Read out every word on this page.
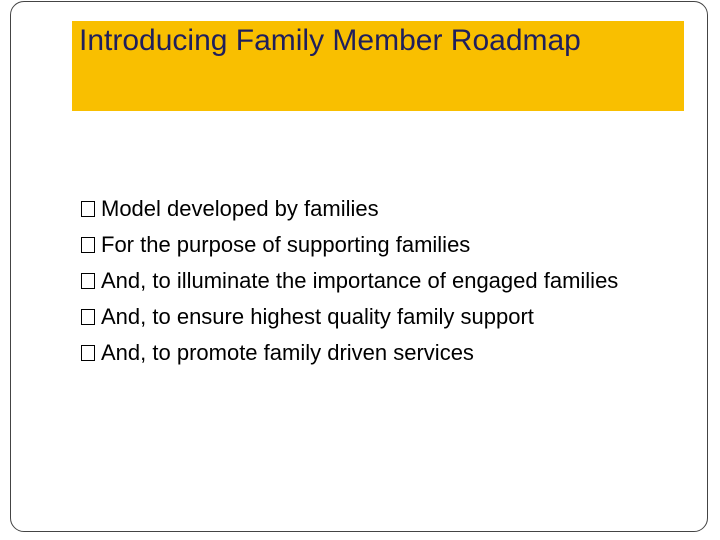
Introducing Family Member Roadmap
Model developed by families
For the purpose of supporting families
And, to illuminate the importance of engaged families
And, to ensure highest quality family support
And, to promote family driven services
